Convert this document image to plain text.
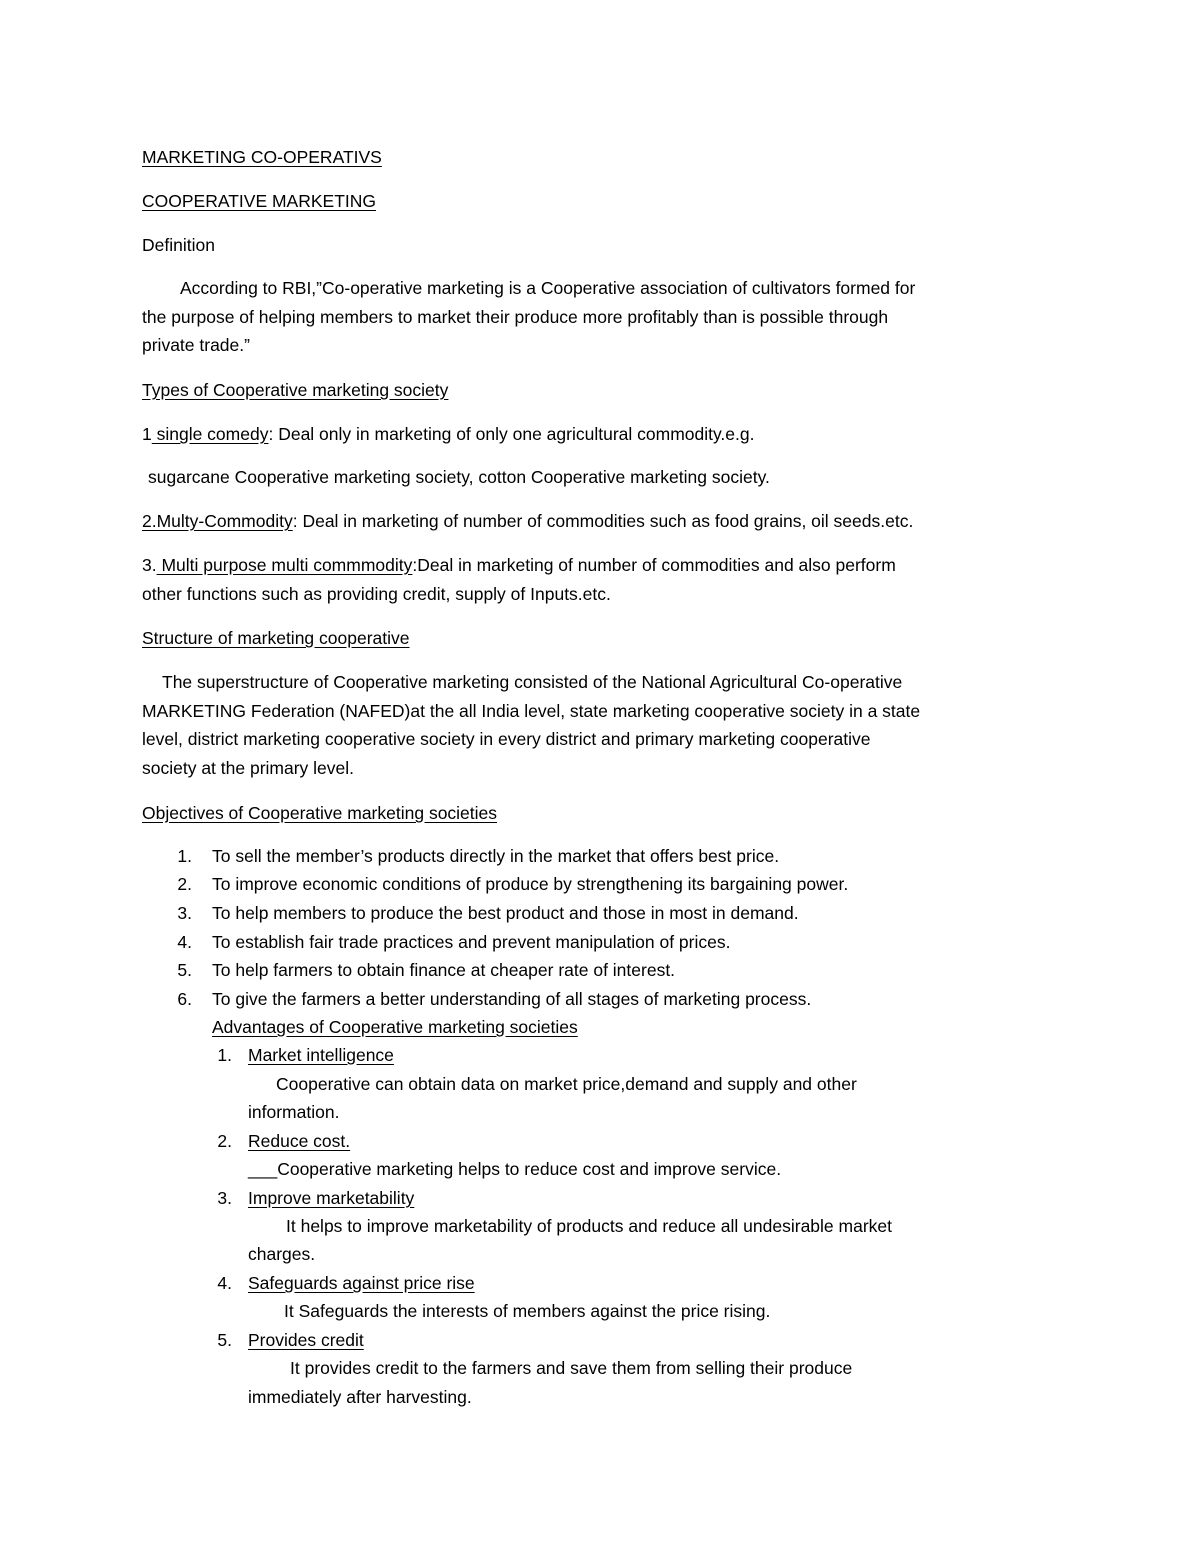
MARKETING CO-OPERATIVS
COOPERATIVE MARKETING
Definition
According to RBI,”Co-operative marketing is a Cooperative association of cultivators formed for
the purpose of helping members to market their produce more profitably than is possible through
private trade.”
Types of Cooperative marketing society
1 single comedy: Deal only in marketing of only one agricultural commodity.e.g.
sugarcane Cooperative marketing society, cotton Cooperative marketing society.
2.Multy-Commodity: Deal in marketing of number of commodities such as food grains, oil seeds.etc.
3. Multi purpose multi commmodity:Deal in marketing of number of commodities and also perform
other functions such as providing credit, supply of Inputs.etc.
Structure of marketing cooperative
The superstructure of Cooperative marketing consisted of the National Agricultural Co-operative
MARKETING Federation (NAFED)at the all India level, state marketing cooperative society in a state
level, district marketing cooperative society in every district and primary marketing cooperative
society at the primary level.
Objectives of Cooperative marketing societies
1. To sell the member’s products directly in the market that offers best price.
2. To improve economic conditions of produce by strengthening its bargaining power.
3. To help members to produce the best product and those in most in demand.
4. To establish fair trade practices and prevent manipulation of prices.
5. To help farmers to obtain finance at cheaper rate of interest.
6. To give the farmers a better understanding of all stages of marketing process.
Advantages of Cooperative marketing societies
1. Market intelligence
Cooperative can obtain data on market price,demand and supply and other
information.
2. Reduce cost.
___Cooperative marketing helps to reduce cost and improve service.
3. Improve marketability
It helps to improve marketability of products and reduce all undesirable market
charges.
4. Safeguards against price rise
It Safeguards the interests of members against the price rising.
5. Provides credit
It provides credit to the farmers and save them from selling their produce
immediately after harvesting.
